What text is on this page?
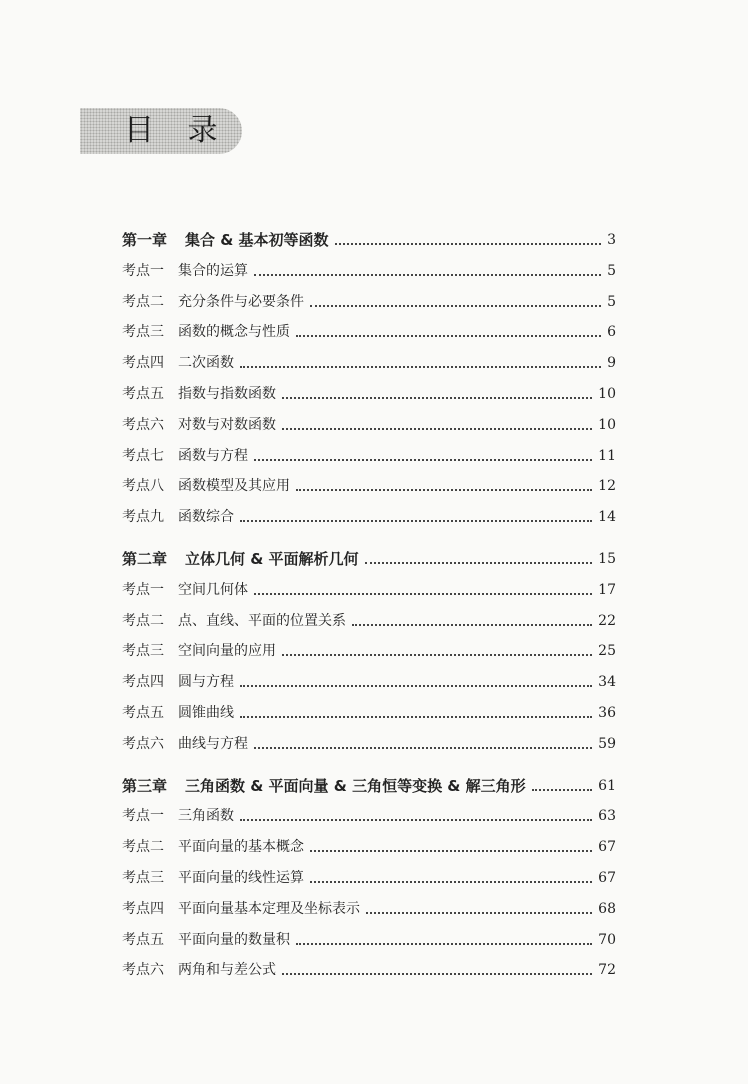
目 录
第一章 集合 & 基本初等函数	3
考点一 集合的运算	5
考点二 充分条件与必要条件	5
考点三 函数的概念与性质	6
考点四 二次函数	9
考点五 指数与指数函数	10
考点六 对数与对数函数	10
考点七 函数与方程	11
考点八 函数模型及其应用	12
考点九 函数综合	14
第二章 立体几何 & 平面解析几何	15
考点一 空间几何体	17
考点二 点、直线、平面的位置关系	22
考点三 空间向量的应用	25
考点四 圆与方程	34
考点五 圆锥曲线	36
考点六 曲线与方程	59
第三章 三角函数 & 平面向量 & 三角恒等变换 & 解三角形	61
考点一 三角函数	63
考点二 平面向量的基本概念	67
考点三 平面向量的线性运算	67
考点四 平面向量基本定理及坐标表示	68
考点五 平面向量的数量积	70
考点六 两角和与差公式	72
